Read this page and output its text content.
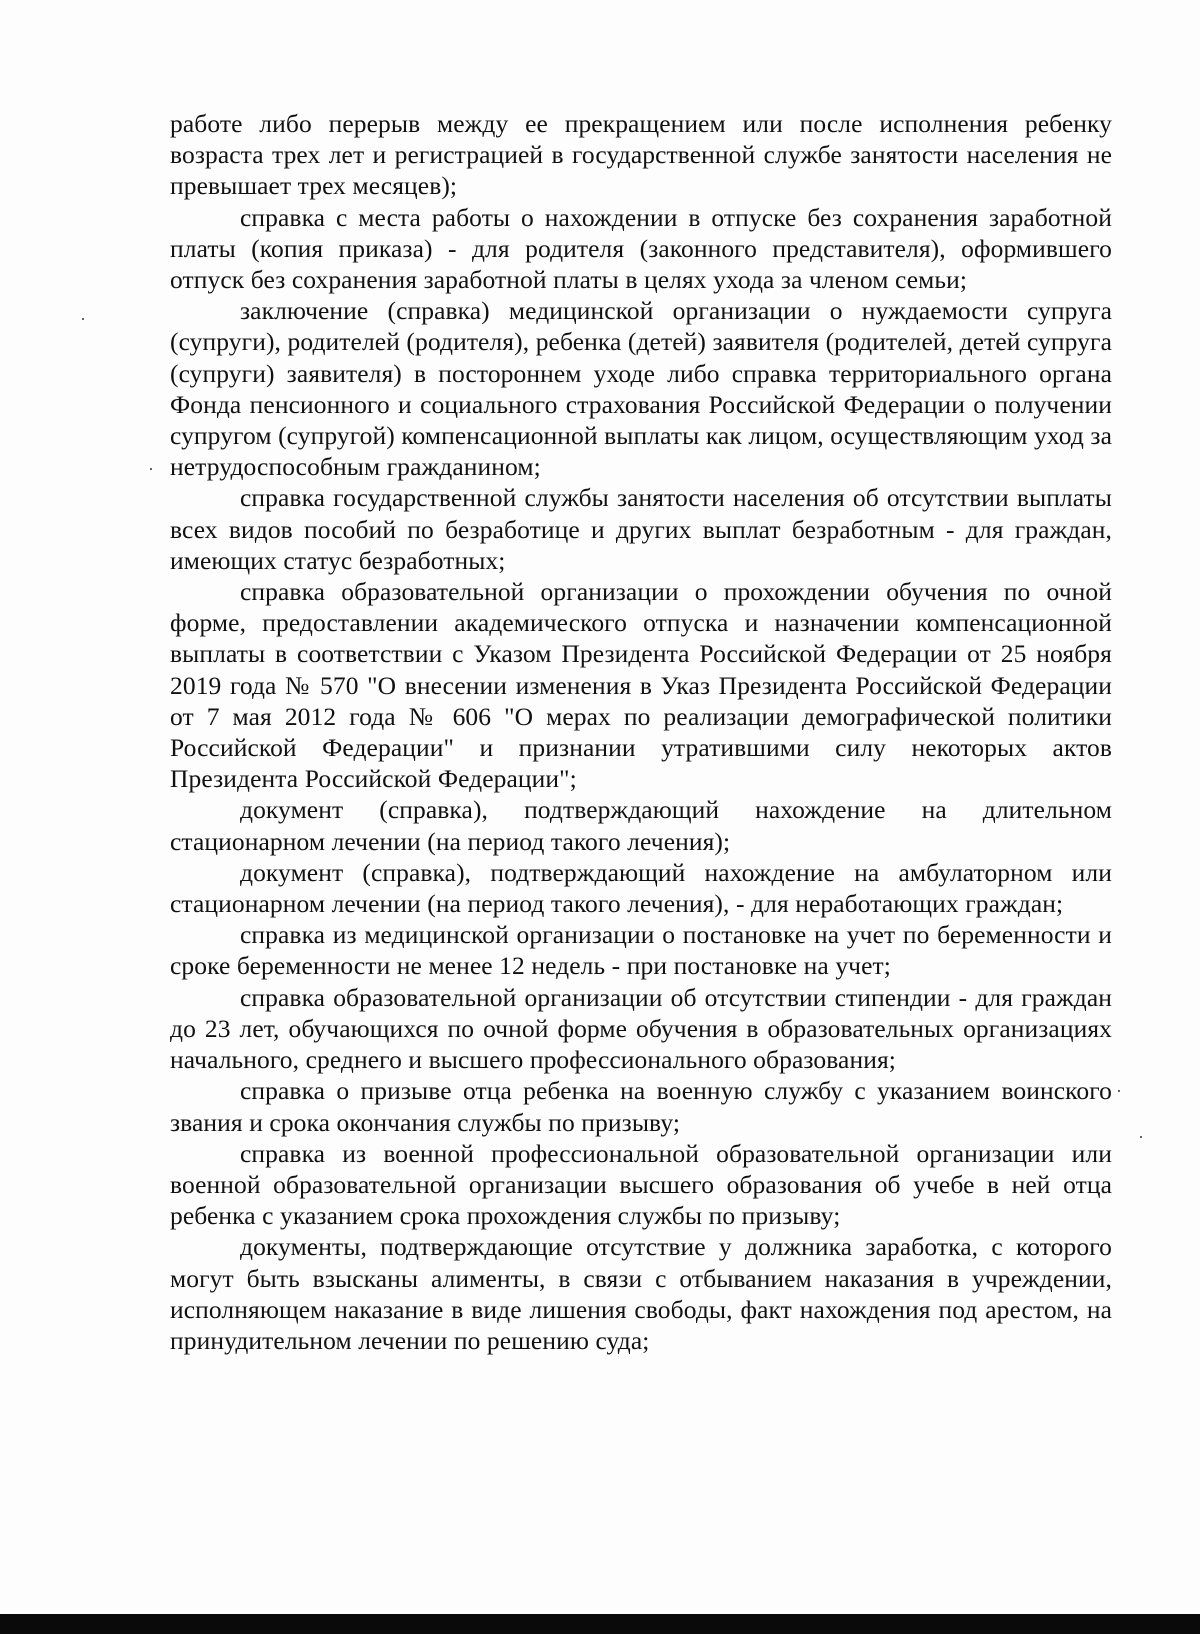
работе либо перерыв между ее прекращением или после исполнения ребенку возраста трех лет и регистрацией в государственной службе занятости населения не превышает трех месяцев);

справка с места работы о нахождении в отпуске без сохранения заработной платы (копия приказа) - для родителя (законного представителя), оформившего отпуск без сохранения заработной платы в целях ухода за членом семьи;

заключение (справка) медицинской организации о нуждаемости супруга (супруги), родителей (родителя), ребенка (детей) заявителя (родителей, детей супруга (супруги) заявителя) в постороннем уходе либо справка территориального органа Фонда пенсионного и социального страхования Российской Федерации о получении супругом (супругой) компенсационной выплаты как лицом, осуществляющим уход за нетрудоспособным гражданином;

справка государственной службы занятости населения об отсутствии выплаты всех видов пособий по безработице и других выплат безработным - для граждан, имеющих статус безработных;

справка образовательной организации о прохождении обучения по очной форме, предоставлении академического отпуска и назначении компенсационной выплаты в соответствии с Указом Президента Российской Федерации от 25 ноября 2019 года № 570 "О внесении изменения в Указ Президента Российской Федерации от 7 мая 2012 года № 606 "О мерах по реализации демографической политики Российской Федерации" и признании утратившими силу некоторых актов Президента Российской Федерации";

документ (справка), подтверждающий нахождение на длительном стационарном лечении (на период такого лечения);

документ (справка), подтверждающий нахождение на амбулаторном или стационарном лечении (на период такого лечения), - для неработающих граждан;

справка из медицинской организации о постановке на учет по беременности и сроке беременности не менее 12 недель - при постановке на учет;

справка образовательной организации об отсутствии стипендии - для граждан до 23 лет, обучающихся по очной форме обучения в образовательных организациях начального, среднего и высшего профессионального образования;

справка о призыве отца ребенка на военную службу с указанием воинского звания и срока окончания службы по призыву;

справка из военной профессиональной образовательной организации или военной образовательной организации высшего образования об учебе в ней отца ребенка с указанием срока прохождения службы по призыву;

документы, подтверждающие отсутствие у должника заработка, с которого могут быть взысканы алименты, в связи с отбыванием наказания в учреждении, исполняющем наказание в виде лишения свободы, факт нахождения под арестом, на принудительном лечении по решению суда;
